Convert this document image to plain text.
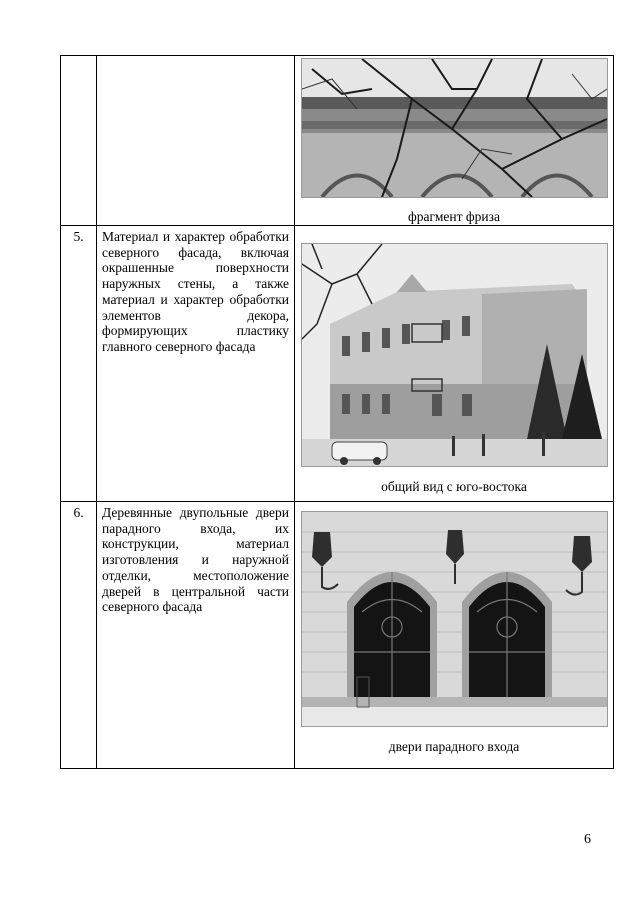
		фрагмент фриза

5.	Материал и характер обработки северного фасада, включая окрашенные поверхности наружных стены, а также материал и характер обработки элементов декора, формирующих пластику главного северного фасада	общий вид с юго-востока

6.	Деревянные двупольные двери парадного входа, их конструкции, материал изготовления и наружной отделки, местоположение дверей в центральной части северного фасада	двери парадного входа
6
